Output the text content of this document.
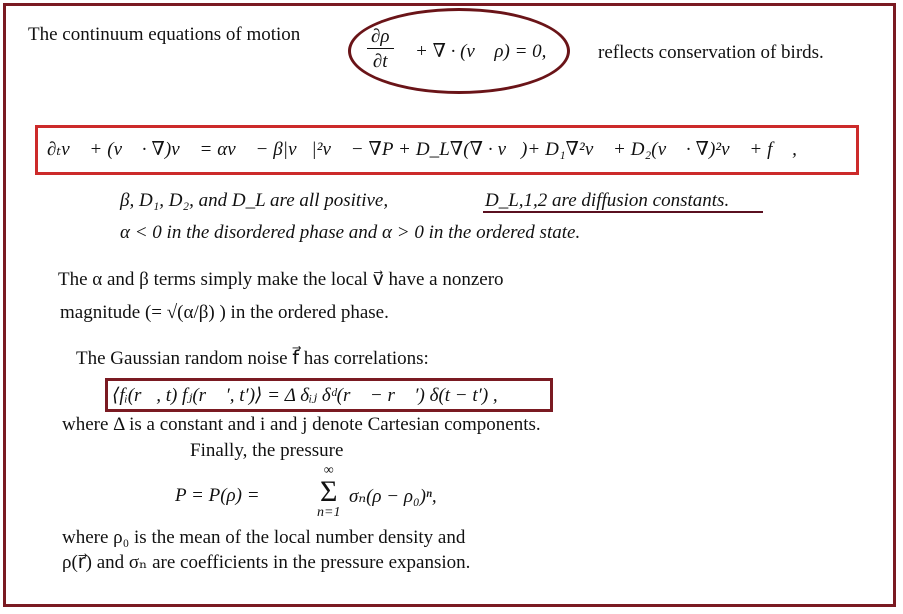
The continuum equations of motion	$\frac{\partial\rho}{\partial t}$ + ∇ · (v⃗ ρ) = 0,	reflects conservation of birds.
∂ₜv⃗ + (v⃗ · ∇)v⃗ = αv⃗ − β|v⃗|²v⃗ − ∇P + D_L∇(∇ · v⃗)+ D₁∇²v⃗ + D₂(v⃗ · ∇)²v⃗ + f⃗ ,
β, D₁, D₂, and D_L are all positive,	D_L,1,2 are diffusion constants.
α < 0 in the disordered phase and α > 0 in the ordered state.
The α and β terms simply make the local v⃗ have a nonzero
magnitude (= √(α/β) ) in the ordered phase.
The Gaussian random noise f⃗ has correlations:
⟨fᵢ(r⃗, t) fⱼ(r⃗ ′, t′)⟩ = Δ δᵢⱼ δᵈ(r⃗ − r⃗ ′) δ(t − t′) ,
where Δ is a constant and i and j denote Cartesian components.
Finally, the pressure
P = P(ρ) =
∞
Σ
n=1
σₙ(ρ − ρ₀)ⁿ,
where ρ₀ is the mean of the local number density and
ρ(r⃗) and σₙ are coefficients in the pressure expansion.
